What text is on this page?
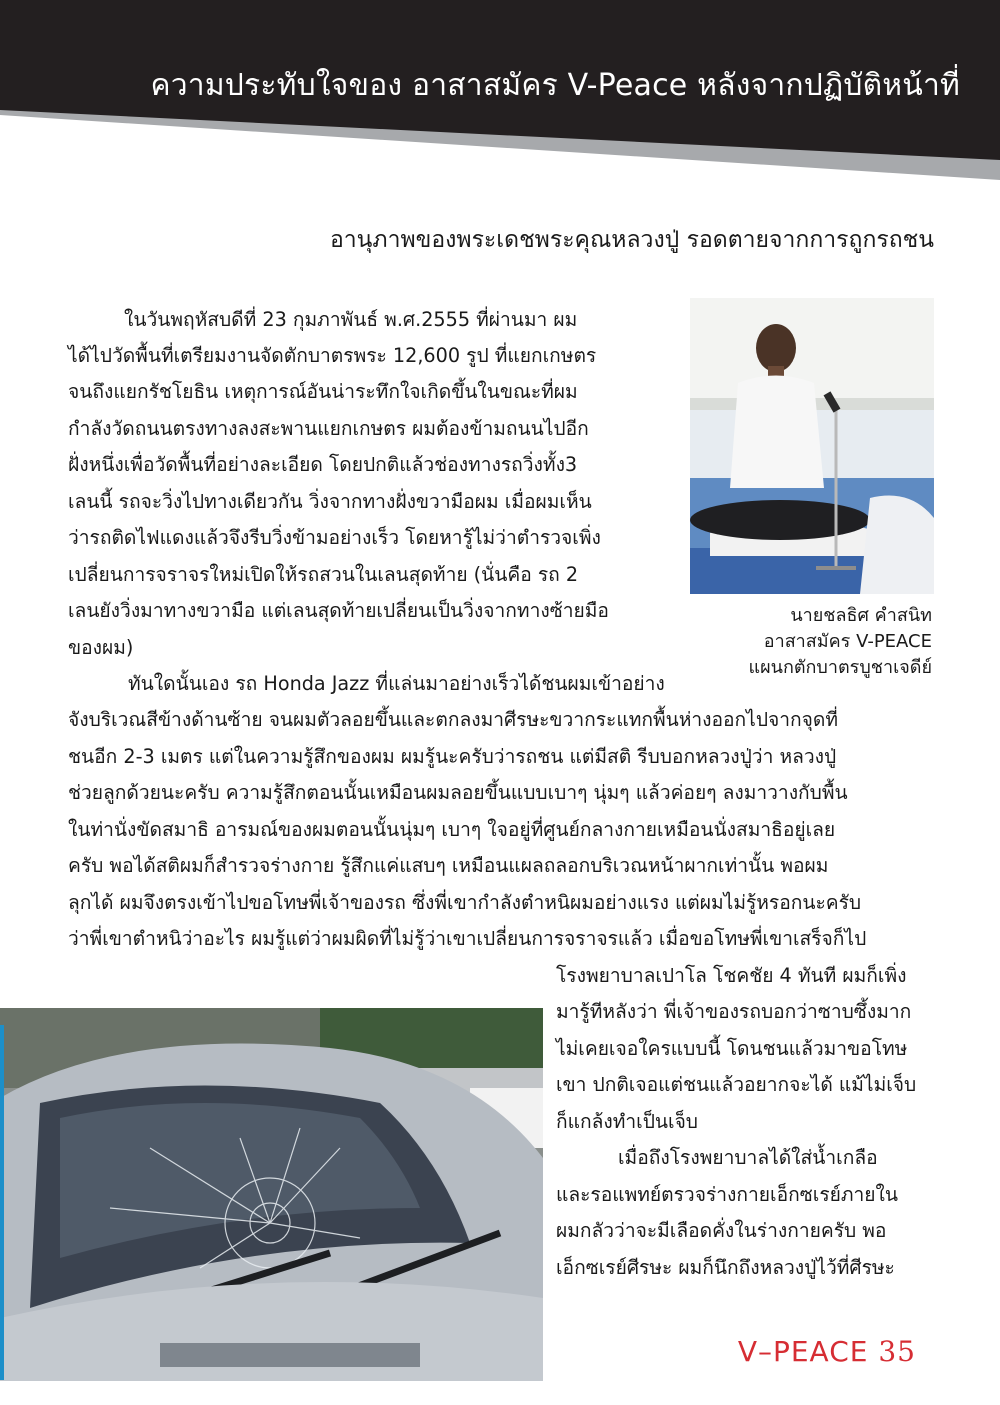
ความประทับใจของ อาสาสมัคร V-Peace หลังจากปฏิบัติหน้าที่
อานุภาพของพระเดชพระคุณหลวงปู่ รอดตายจากการถูกรถชน
ในวันพฤหัสบดีที่ 23 กุมภาพันธ์ พ.ศ.2555 ที่ผ่านมา ผม
ได้ไปวัดพื้นที่เตรียมงานจัดตักบาตรพระ 12,600 รูป ที่แยกเกษตร
จนถึงแยกรัชโยธิน เหตุการณ์อันน่าระทึกใจเกิดขึ้นในขณะที่ผม
กำลังวัดถนนตรงทางลงสะพานแยกเกษตร ผมต้องข้ามถนนไปอีก
ฝั่งหนึ่งเพื่อวัดพื้นที่อย่างละเอียด โดยปกติแล้วช่องทางรถวิ่งทั้ง3
เลนนี้ รถจะวิ่งไปทางเดียวกัน วิ่งจากทางฝั่งขวามือผม เมื่อผมเห็น
ว่ารถติดไฟแดงแล้วจึงรีบวิ่งข้ามอย่างเร็ว โดยหารู้ไม่ว่าตำรวจเพิ่ง
เปลี่ยนการจราจรใหม่เปิดให้รถสวนในเลนสุดท้าย (นั่นคือ รถ 2
เลนยังวิ่งมาทางขวามือ แต่เลนสุดท้ายเปลี่ยนเป็นวิ่งจากทางซ้ายมือ
ของผม)
ทันใดนั้นเอง รถ Honda Jazz ที่แล่นมาอย่างเร็วได้ชนผมเข้าอย่าง
จังบริเวณสีข้างด้านซ้าย จนผมตัวลอยขึ้นและตกลงมาศีรษะขวากระแทกพื้นห่างออกไปจากจุดที่
ชนอีก 2-3 เมตร แต่ในความรู้สึกของผม ผมรู้นะครับว่ารถชน แต่มีสติ รีบบอกหลวงปู่ว่า หลวงปู่
ช่วยลูกด้วยนะครับ ความรู้สึกตอนนั้นเหมือนผมลอยขึ้นแบบเบาๆ นุ่มๆ แล้วค่อยๆ ลงมาวางกับพื้น
ในท่านั่งขัดสมาธิ อารมณ์ของผมตอนนั้นนุ่มๆ เบาๆ ใจอยู่ที่ศูนย์กลางกายเหมือนนั่งสมาธิอยู่เลย
ครับ พอได้สติผมก็สำรวจร่างกาย รู้สึกแค่แสบๆ เหมือนแผลถลอกบริเวณหน้าผากเท่านั้น พอผม
ลุกได้ ผมจึงตรงเข้าไปขอโทษพี่เจ้าของรถ ซึ่งพี่เขากำลังตำหนิผมอย่างแรง แต่ผมไม่รู้หรอกนะครับ
ว่าพี่เขาตำหนิว่าอะไร ผมรู้แต่ว่าผมผิดที่ไม่รู้ว่าเขาเปลี่ยนการจราจรแล้ว เมื่อขอโทษพี่เขาเสร็จก็ไป
โรงพยาบาลเปาโล โชคชัย 4 ทันที ผมก็เพิ่ง
มารู้ทีหลังว่า พี่เจ้าของรถบอกว่าซาบซึ้งมาก
ไม่เคยเจอใครแบบนี้ โดนชนแล้วมาขอโทษ
เขา ปกติเจอแต่ชนแล้วอยากจะได้ แม้ไม่เจ็บ
ก็แกล้งทำเป็นเจ็บ
เมื่อถึงโรงพยาบาลได้ใส่น้ำเกลือ
และรอแพทย์ตรวจร่างกายเอ็กซเรย์ภายใน
ผมกลัวว่าจะมีเลือดคั่งในร่างกายครับ พอ
เอ็กซเรย์ศีรษะ ผมก็นึกถึงหลวงปู่ไว้ที่ศีรษะ
นายชลธิศ คำสนิท
อาสาสมัคร V-PEACE
แผนกตักบาตรบูชาเจดีย์
V–PEACE 35
